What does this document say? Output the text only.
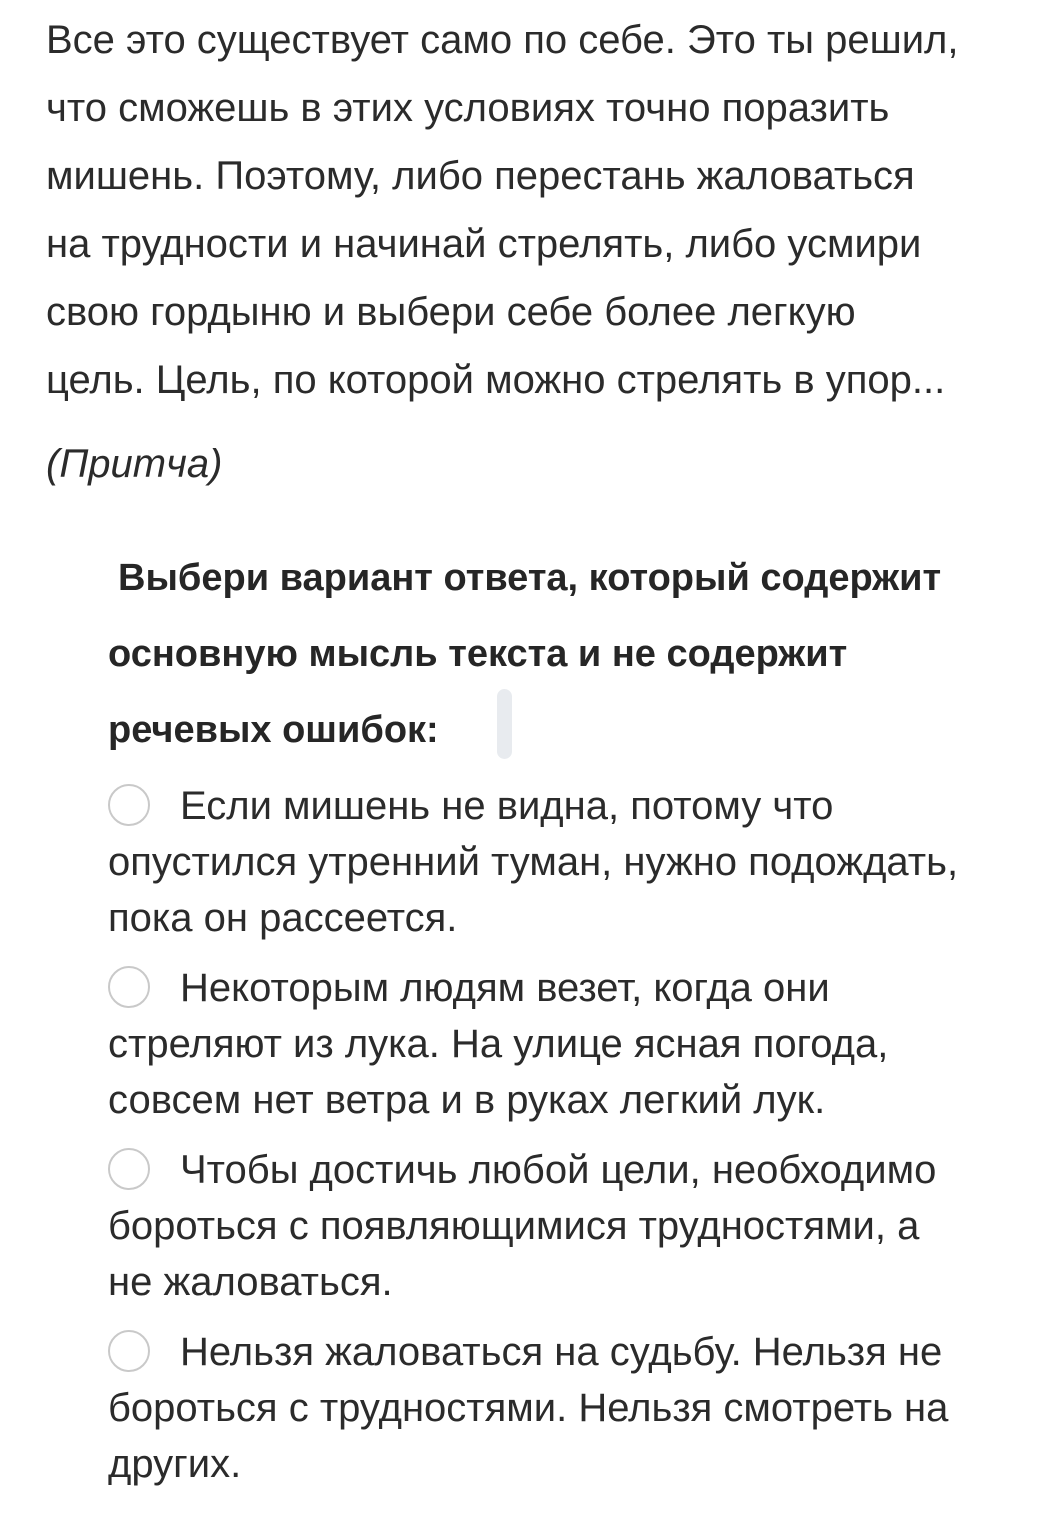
Все это существует само по себе. Это ты решил,
что сможешь в этих условиях точно поразить
мишень. Поэтому, либо перестань жаловаться
на трудности и начинай стрелять, либо усмири
свою гордыню и выбери себе более легкую
цель. Цель, по которой можно стрелять в упор...
(Притча)
Выбери вариант ответа, который содержит
основную мысль текста и не содержит
речевых ошибок:
Если мишень не видна, потому что
опустился утренний туман, нужно подождать,
пока он рассеется.
Некоторым людям везет, когда они
стреляют из лука. На улице ясная погода,
совсем нет ветра и в руках легкий лук.
Чтобы достичь любой цели, необходимо
бороться с появляющимися трудностями, а
не жаловаться.
Нельзя жаловаться на судьбу. Нельзя не
бороться с трудностями. Нельзя смотреть на
других.
